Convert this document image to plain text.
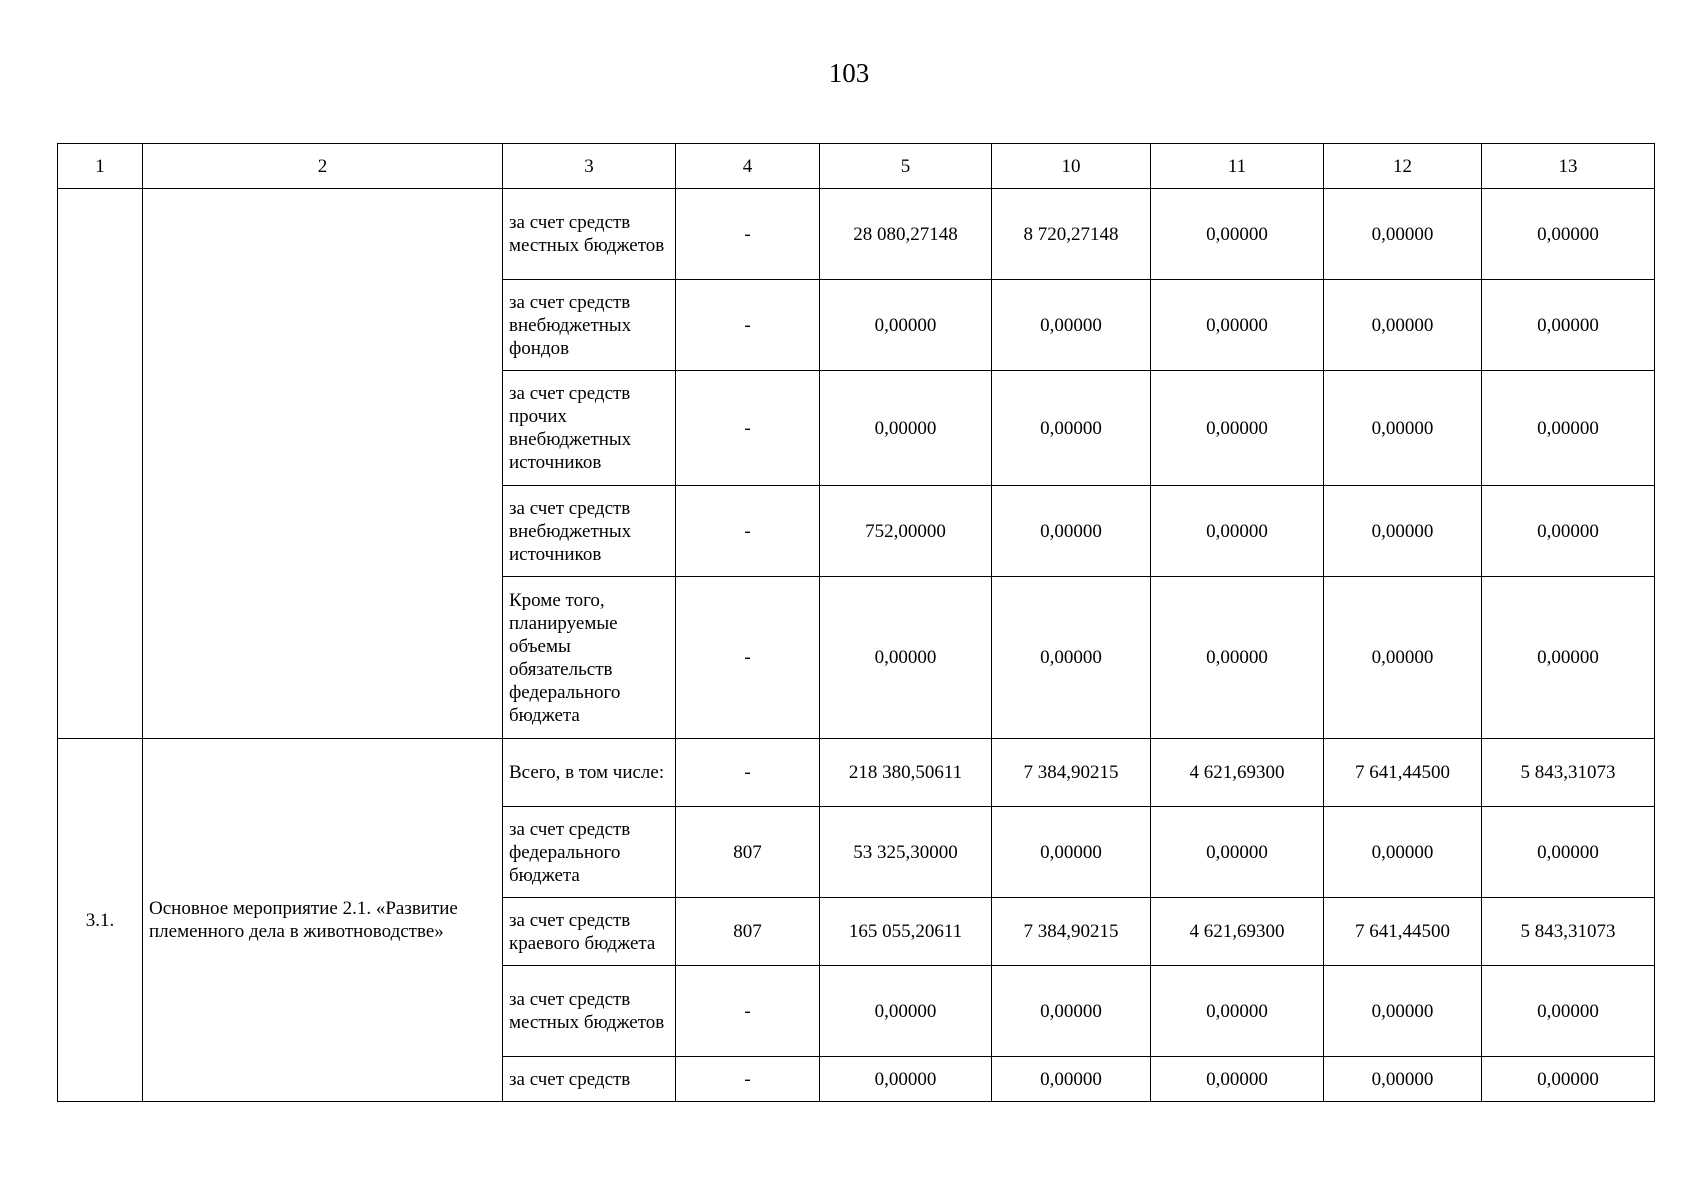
103
1	2	3	4	5	10	11	12	13
		за счет средств местных бюджетов	-	28 080,27148	8 720,27148	0,00000	0,00000	0,00000
		за счет средств внебюджетных фондов	-	0,00000	0,00000	0,00000	0,00000	0,00000
		за счет средств прочих внебюджетных источников	-	0,00000	0,00000	0,00000	0,00000	0,00000
		за счет средств внебюджетных источников	-	752,00000	0,00000	0,00000	0,00000	0,00000
		Кроме того, планируемые объемы обязательств федерального бюджета	-	0,00000	0,00000	0,00000	0,00000	0,00000
3.1.	Основное мероприятие 2.1. «Развитие племенного дела в животноводстве»	Всего, в том числе:	-	218 380,50611	7 384,90215	4 621,69300	7 641,44500	5 843,31073
		за счет средств федерального бюджета	807	53 325,30000	0,00000	0,00000	0,00000	0,00000
		за счет средств краевого бюджета	807	165 055,20611	7 384,90215	4 621,69300	7 641,44500	5 843,31073
		за счет средств местных бюджетов	-	0,00000	0,00000	0,00000	0,00000	0,00000
		за счет средств	-	0,00000	0,00000	0,00000	0,00000	0,00000
